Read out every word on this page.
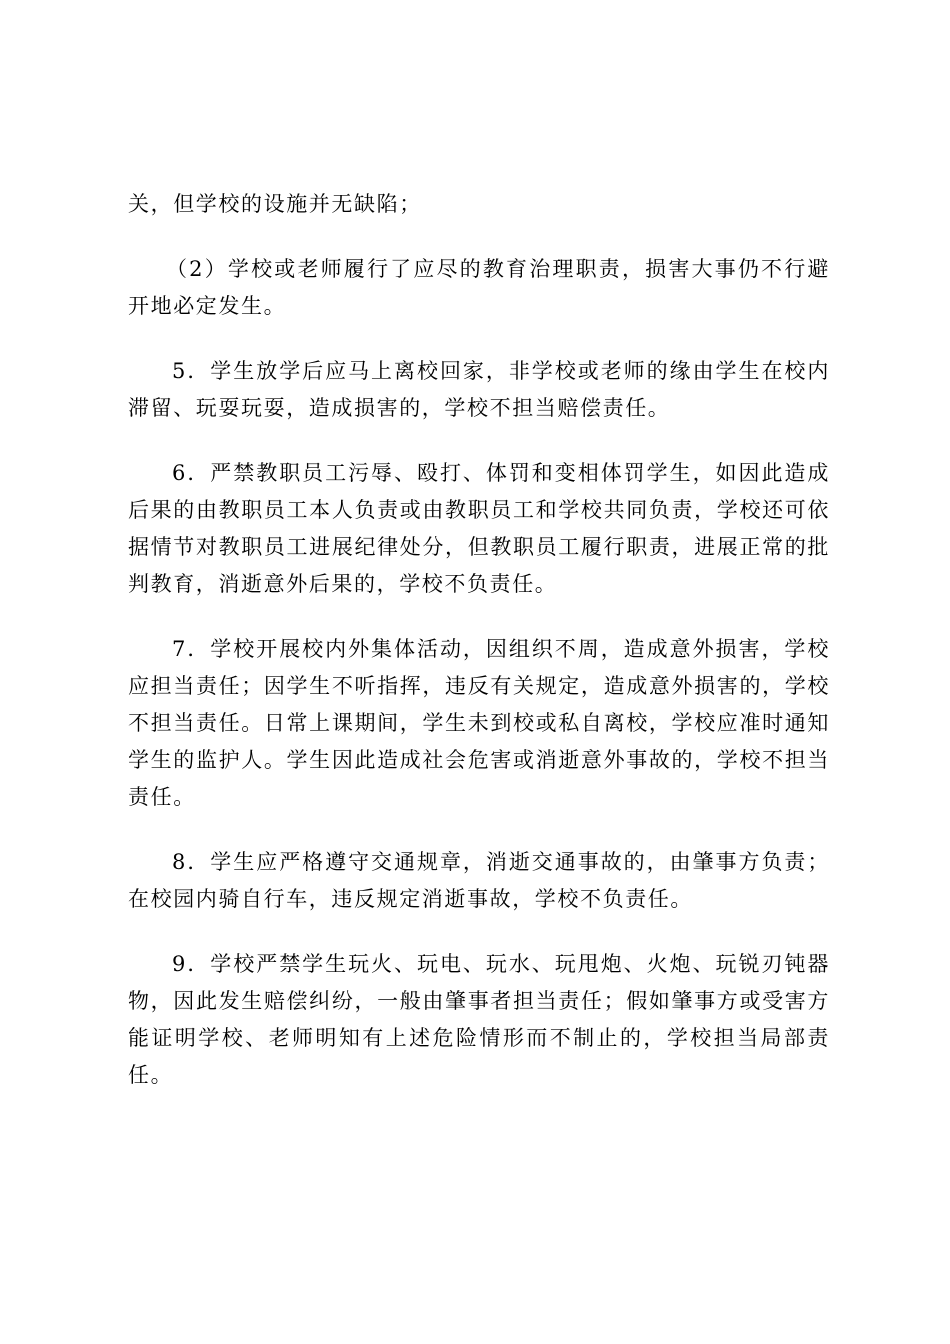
关，但学校的设施并无缺陷；

（2）学校或老师履行了应尽的教育治理职责，损害大事仍不行避开地必定发生。

5．学生放学后应马上离校回家，非学校或老师的缘由学生在校内滞留、玩耍玩耍，造成损害的，学校不担当赔偿责任。

6．严禁教职员工污辱、殴打、体罚和变相体罚学生，如因此造成后果的由教职员工本人负责或由教职员工和学校共同负责，学校还可依据情节对教职员工进展纪律处分，但教职员工履行职责，进展正常的批判教育，消逝意外后果的，学校不负责任。

7．学校开展校内外集体活动，因组织不周，造成意外损害，学校应担当责任；因学生不听指挥，违反有关规定，造成意外损害的，学校不担当责任。日常上课期间，学生未到校或私自离校，学校应准时通知学生的监护人。学生因此造成社会危害或消逝意外事故的，学校不担当责任。

8．学生应严格遵守交通规章，消逝交通事故的，由肇事方负责；在校园内骑自行车，违反规定消逝事故，学校不负责任。

9．学校严禁学生玩火、玩电、玩水、玩甩炮、火炮、玩锐刃钝器物，因此发生赔偿纠纷，一般由肇事者担当责任；假如肇事方或受害方能证明学校、老师明知有上述危险情形而不制止的，学校担当局部责任。
